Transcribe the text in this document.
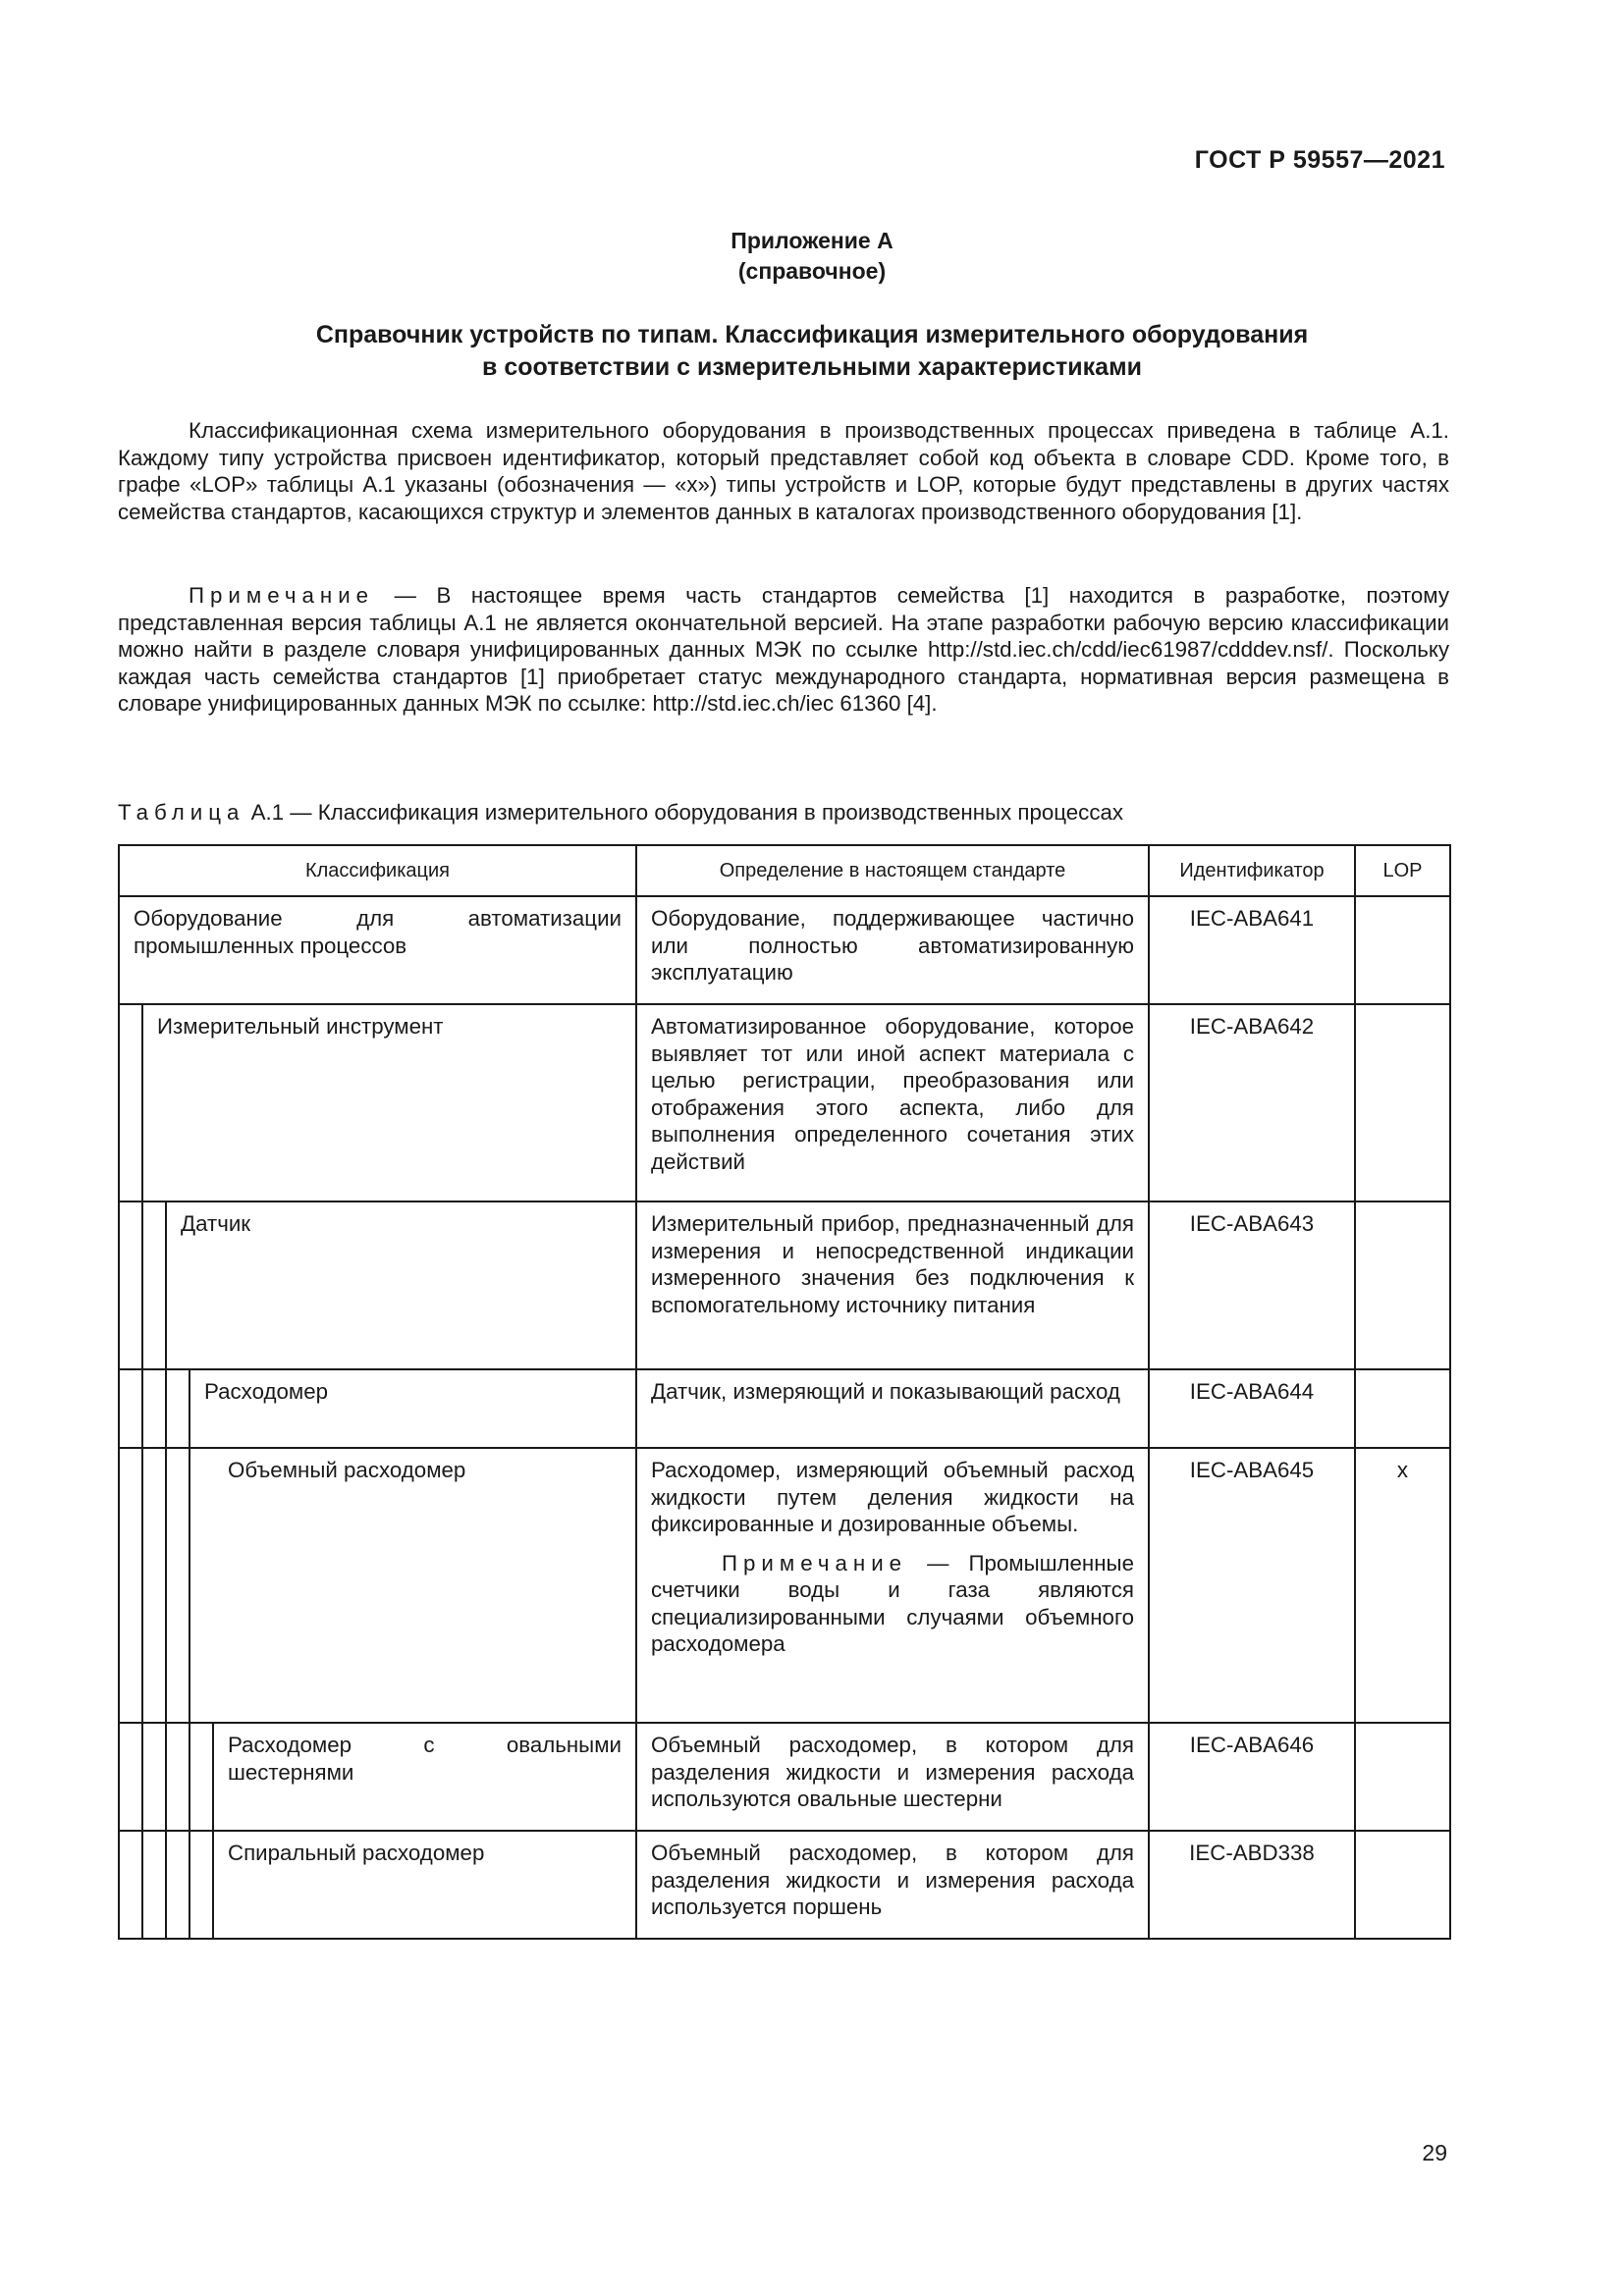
ГОСТ Р 59557—2021
Приложение А
(справочное)
Справочник устройств по типам. Классификация измерительного оборудования
в соответствии с измерительными характеристиками
Классификационная схема измерительного оборудования в производственных процессах приведена в таблице А.1. Каждому типу устройства присвоен идентификатор, который представляет собой код объекта в словаре CDD. Кроме того, в графе «LOP» таблицы А.1 указаны (обозначения — «х») типы устройств и LOP, которые будут представлены в других частях семейства стандартов, касающихся структур и элементов данных в каталогах производственного оборудования [1].
Примечание — В настоящее время часть стандартов семейства [1] находится в разработке, поэтому представленная версия таблицы А.1 не является окончательной версией. На этапе разработки рабочую версию классификации можно найти в разделе словаря унифицированных данных МЭК по ссылке http://std.iec.ch/cdd/iec61987/cdddev.nsf/. Поскольку каждая часть семейства стандартов [1] приобретает статус международного стандарта, нормативная версия размещена в словаре унифицированных данных МЭК по ссылке: http://std.iec.ch/iec 61360 [4].
Таблица А.1 — Классификация измерительного оборудования в производственных процессах
Классификация					Определение в настоящем стандарте	Идентификатор	LOP
Оборудование для автоматизации промышленных процессов					Оборудование, поддерживающее частично или полностью автоматизированную эксплуатацию	IEC-ABA641	
	Измерительный инструмент				Автоматизированное оборудование, которое выявляет тот или иной аспект материала с целью регистрации, преобразования или отображения этого аспекта, либо для выполнения определенного сочетания этих действий	IEC-ABA642	
		Датчик			Измерительный прибор, предназначенный для измерения и непосредственной индикации измеренного значения без подключения к вспомогательному источнику питания	IEC-ABA643	
			Расходомер		Датчик, измеряющий и показывающий расход	IEC-ABA644	
			Объемный расходомер		Расходомер, измеряющий объемный расход жидкости путем деления жидкости на фиксированные и дозированные объемы.
Примечание — Промышленные счетчики воды и газа являются специализированными случаями объемного расходомера	IEC-ABA645	x
				Расходомер с овальными шестернями	Объемный расходомер, в котором для разделения жидкости и измерения расхода используются овальные шестерни	IEC-ABA646	
				Спиральный расходомер	Объемный расходомер, в котором для разделения жидкости и измерения расхода используется поршень	IEC-ABD338	
29
